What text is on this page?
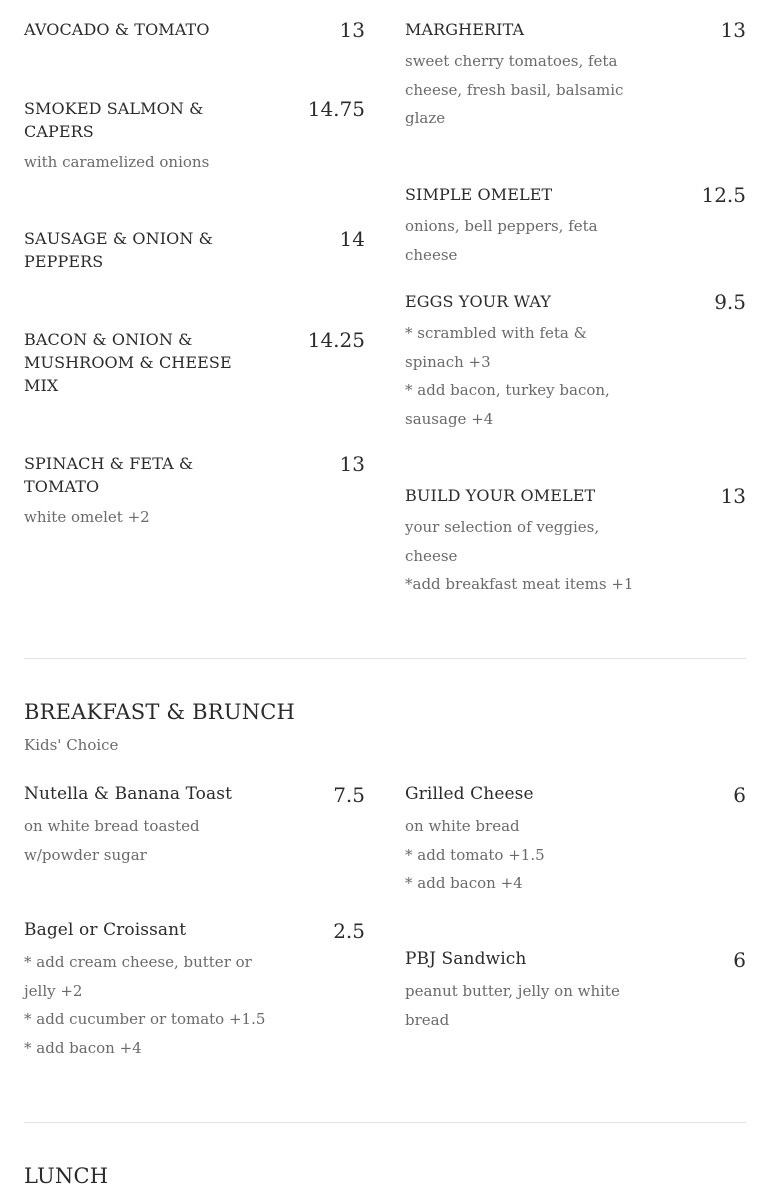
AVOCADO & TOMATO	13
SMOKED SALMON & CAPERS
14.75
with caramelized onions
SAUSAGE & ONION & PEPPERS
14
BACON & ONION & MUSHROOM & CHEESE MIX
14.25
SPINACH & FETA & TOMATO
13
white omelet +2
MARGHERITA	13
sweet cherry tomatoes, feta cheese, fresh basil, balsamic glaze
SIMPLE OMELET	12.5
onions, bell peppers, feta cheese
EGGS YOUR WAY	9.5
* scrambled with feta & spinach +3
* add bacon, turkey bacon, sausage +4
BUILD YOUR OMELET	13
your selection of veggies, cheese
*add breakfast meat items +1
BREAKFAST & BRUNCH
Kids' Choice
Nutella & Banana Toast	7.5
on white bread toasted w/powder sugar
Bagel or Croissant	2.5
* add cream cheese, butter or jelly +2
* add cucumber or tomato +1.5
* add bacon +4
Grilled Cheese	6
on white bread
* add tomato +1.5
* add bacon +4
PBJ Sandwich	6
peanut butter, jelly on white bread
LUNCH
